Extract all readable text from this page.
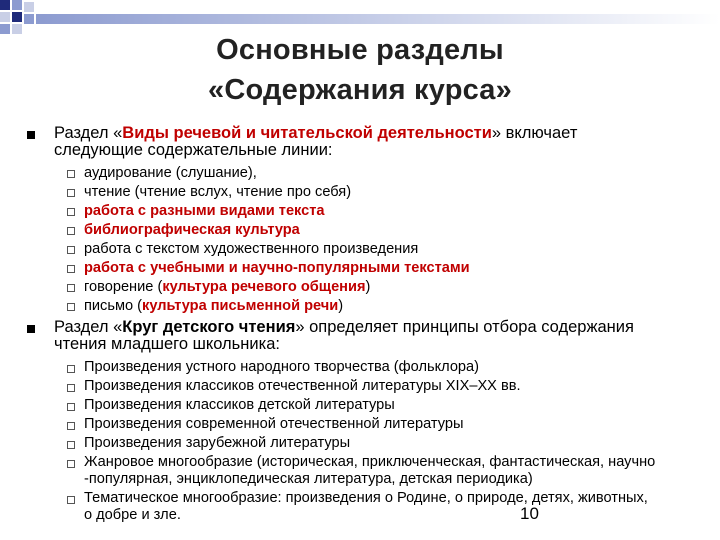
Основные разделы
«Содержания курса»
Раздел «Виды речевой и читательской деятельности» включает
следующие содержательные линии:
аудирование (слушание),
чтение (чтение вслух, чтение про себя)
работа с разными видами текста
библиографическая культура
работа с текстом художественного произведения
работа с учебными и научно-популярными текстами
говорение (культура речевого общения)
письмо (культура письменной речи)
Раздел «Круг детского чтения» определяет принципы отбора содержания
чтения младшего школьника:
Произведения устного народного творчества (фольклора)
Произведения классиков отечественной литературы XIX–XX вв.
Произведения классиков детской литературы
Произведения современной отечественной литературы
Произведения зарубежной литературы
Жанровое многообразие (историческая, приключенческая, фантастическая, научно
-популярная, энциклопедическая литература, детская периодика)
Тематическое многообразие: произведения о Родине, о природе, детях, животных,
о добре и зле.	10
